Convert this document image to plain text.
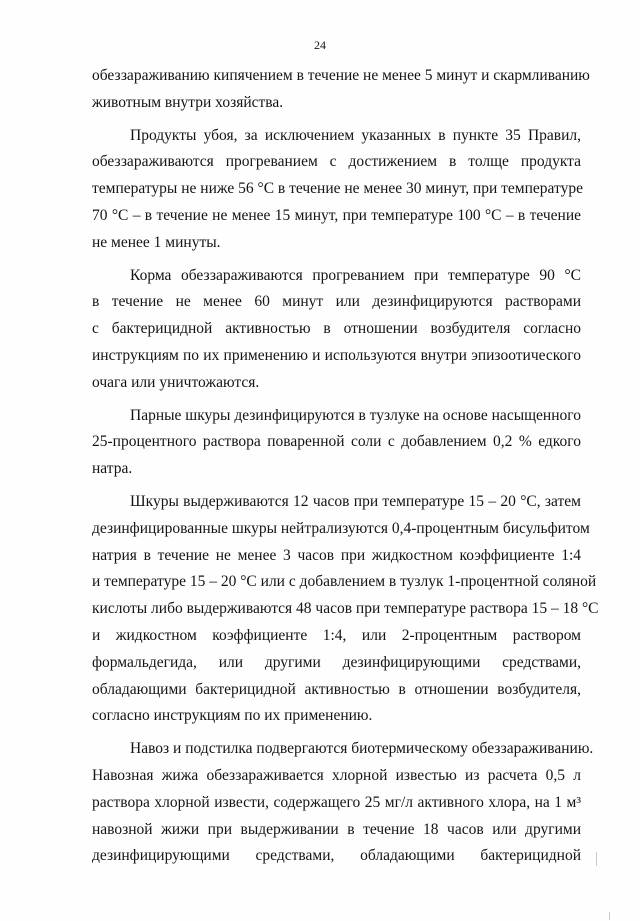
24
обеззараживанию кипячением в течение не менее 5 минут и скармливанию
животным внутри хозяйства.
Продукты убоя, за исключением указанных в пункте 35 Правил,
обеззараживаются прогреванием с достижением в толще продукта
температуры не ниже 56 °С в течение не менее 30 минут, при температуре
70 °С – в течение не менее 15 минут, при температуре 100 °С – в течение
не менее 1 минуты.
Корма обеззараживаются прогреванием при температуре 90 °С
в течение не менее 60 минут или дезинфицируются растворами
с бактерицидной активностью в отношении возбудителя согласно
инструкциям по их применению и используются внутри эпизоотического
очага или уничтожаются.
Парные шкуры дезинфицируются в тузлуке на основе насыщенного
25-процентного раствора поваренной соли с добавлением 0,2 % едкого
натра.
Шкуры выдерживаются 12 часов при температуре 15 – 20 °С, затем
дезинфицированные шкуры нейтрализуются 0,4-процентным бисульфитом
натрия в течение не менее 3 часов при жидкостном коэффициенте 1:4
и температуре 15 – 20 °С или с добавлением в тузлук 1-процентной соляной
кислоты либо выдерживаются 48 часов при температуре раствора 15 – 18 °С
и жидкостном коэффициенте 1:4, или 2-процентным раствором
формальдегида, или другими дезинфицирующими средствами,
обладающими бактерицидной активностью в отношении возбудителя,
согласно инструкциям по их применению.
Навоз и подстилка подвергаются биотермическому обеззараживанию.
Навозная жижа обеззараживается хлорной известью из расчета 0,5 л
раствора хлорной извести, содержащего 25 мг/л активного хлора, на 1 м³
навозной жижи при выдерживании в течение 18 часов или другими
дезинфицирующими средствами, обладающими бактерицидной
